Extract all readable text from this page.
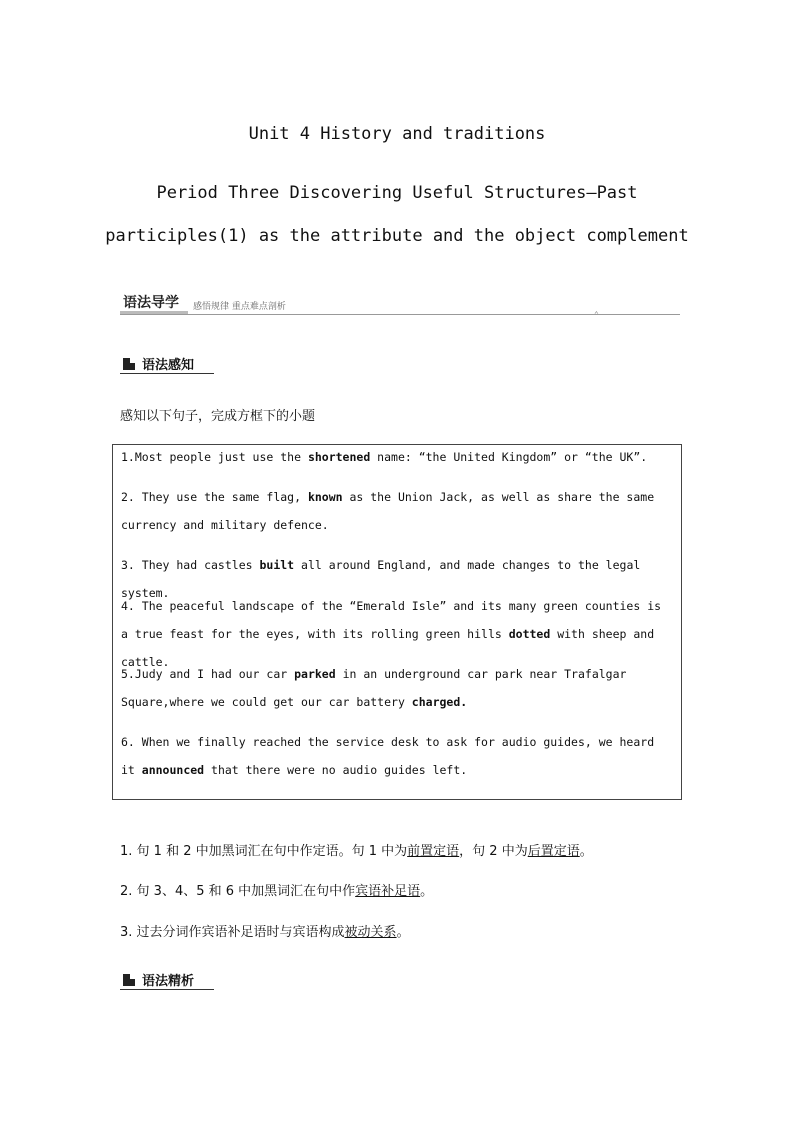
Unit 4 History and traditions
Period Three Discovering Useful Structures—Past
participles(1) as the attribute and the object complement
语法导学 感悟规律 重点难点剖析
⌃
语法感知
感知以下句子，完成方框下的小题
1.Most people just use the shortened name: “the United Kingdom” or “the UK”.
2. They use the same flag, known as the Union Jack, as well as share the same currency and military defence.
3. They had castles built all around England, and made changes to the legal system.
4. The peaceful landscape of the “Emerald Isle” and its many green counties is a true feast for the eyes, with its rolling green hills dotted with sheep and cattle.
5.Judy and I had our car parked in an underground car park near Trafalgar Square,where we could get our car battery charged.
6. When we finally reached the service desk to ask for audio guides, we heard it announced that there were no audio guides left.
1. 句 1 和 2 中加黑词汇在句中作定语。句 1 中为前置定语，句 2 中为后置定语。
2. 句 3、4、5 和 6 中加黑词汇在句中作宾语补足语。
3. 过去分词作宾语补足语时与宾语构成被动关系。
语法精析
